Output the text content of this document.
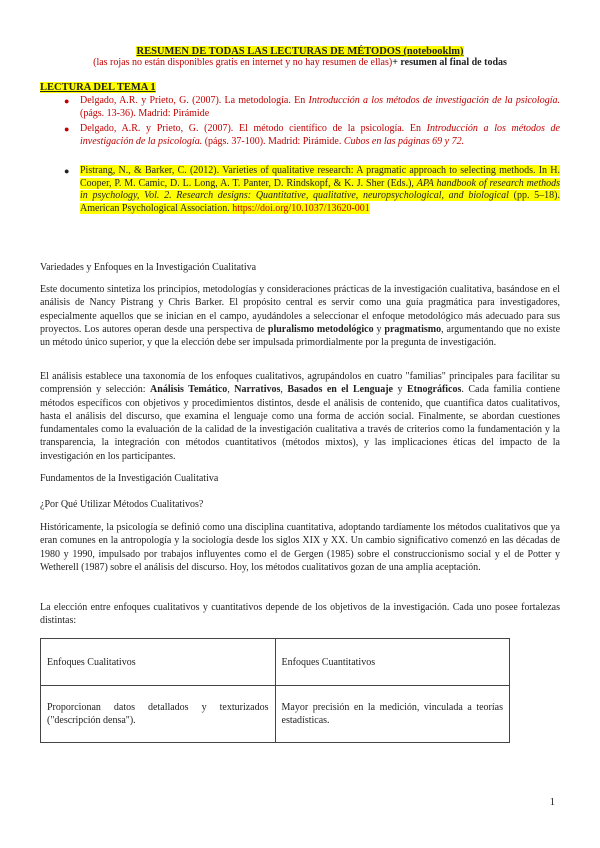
RESUMEN DE TODAS LAS LECTURAS DE MÉTODOS (notebooklm)
(las rojas no están disponibles gratis en internet y no hay resumen de ellas)+ resumen al final de todas
LECTURA DEL TEMA 1

● Delgado, A.R. y Prieto, G. (2007). La metodología. En Introducción a los métodos de investigación de la psicología. (págs. 13-36). Madrid: Pirámide

● Delgado, A.R. y Prieto, G. (2007). El método científico de la psicología. En Introducción a los métodos de investigación de la psicología. (págs. 37-100). Madrid: Pirámide. Cubos en las páginas 69 y 72.

● Pistrang, N., & Barker, C. (2012). Varieties of qualitative research: A pragmatic approach to selecting methods. In H. Cooper, P. M. Camic, D. L. Long, A. T. Panter, D. Rindskopf, & K. J. Sher (Eds.), APA handbook of research methods in psychology, Vol. 2. Research designs: Quantitative, qualitative, neuropsychological, and biological (pp. 5–18). American Psychological Association. https://doi.org/10.1037/13620-001

Variedades y Enfoques en la Investigación Cualitativa

Este documento sintetiza los principios, metodologías y consideraciones prácticas de la investigación cualitativa, basándose en el análisis de Nancy Pistrang y Chris Barker. El propósito central es servir como una guía pragmática para investigadores, especialmente aquellos que se inician en el campo, ayudándoles a seleccionar el enfoque metodológico más adecuado para sus proyectos. Los autores operan desde una perspectiva de pluralismo metodológico y pragmatismo, argumentando que no existe un método único superior, y que la elección debe ser impulsada primordialmente por la pregunta de investigación.

El análisis establece una taxonomía de los enfoques cualitativos, agrupándolos en cuatro "familias" principales para facilitar su comprensión y selección: Análisis Temático, Narrativos, Basados en el Lenguaje y Etnográficos. Cada familia contiene métodos específicos con objetivos y procedimientos distintos, desde el análisis de contenido, que cuantifica datos cualitativos, hasta el análisis del discurso, que examina el lenguaje como una forma de acción social. Finalmente, se abordan cuestiones fundamentales como la evaluación de la calidad de la investigación cualitativa a través de criterios como la fundamentación y la transparencia, la integración con métodos cuantitativos (métodos mixtos), y las implicaciones éticas del impacto de la investigación en los participantes.

Fundamentos de la Investigación Cualitativa
¿Por Qué Utilizar Métodos Cualitativos?

Históricamente, la psicología se definió como una disciplina cuantitativa, adoptando tardíamente los métodos cualitativos que ya eran comunes en la antropología y la sociología desde los siglos XIX y XX. Un cambio significativo comenzó en las décadas de 1980 y 1990, impulsado por trabajos influyentes como el de Gergen (1985) sobre el construccionismo social y el de Potter y Wetherell (1987) sobre el análisis del discurso. Hoy, los métodos cualitativos gozan de una amplia aceptación.

La elección entre enfoques cualitativos y cuantitativos depende de los objetivos de la investigación. Cada uno posee fortalezas distintas:

Enfoques Cualitativos	Enfoques Cuantitativos
Proporcionan datos detallados y texturizados ("descripción densa").	Mayor precisión en la medición, vinculada a teorías estadísticas.
1
